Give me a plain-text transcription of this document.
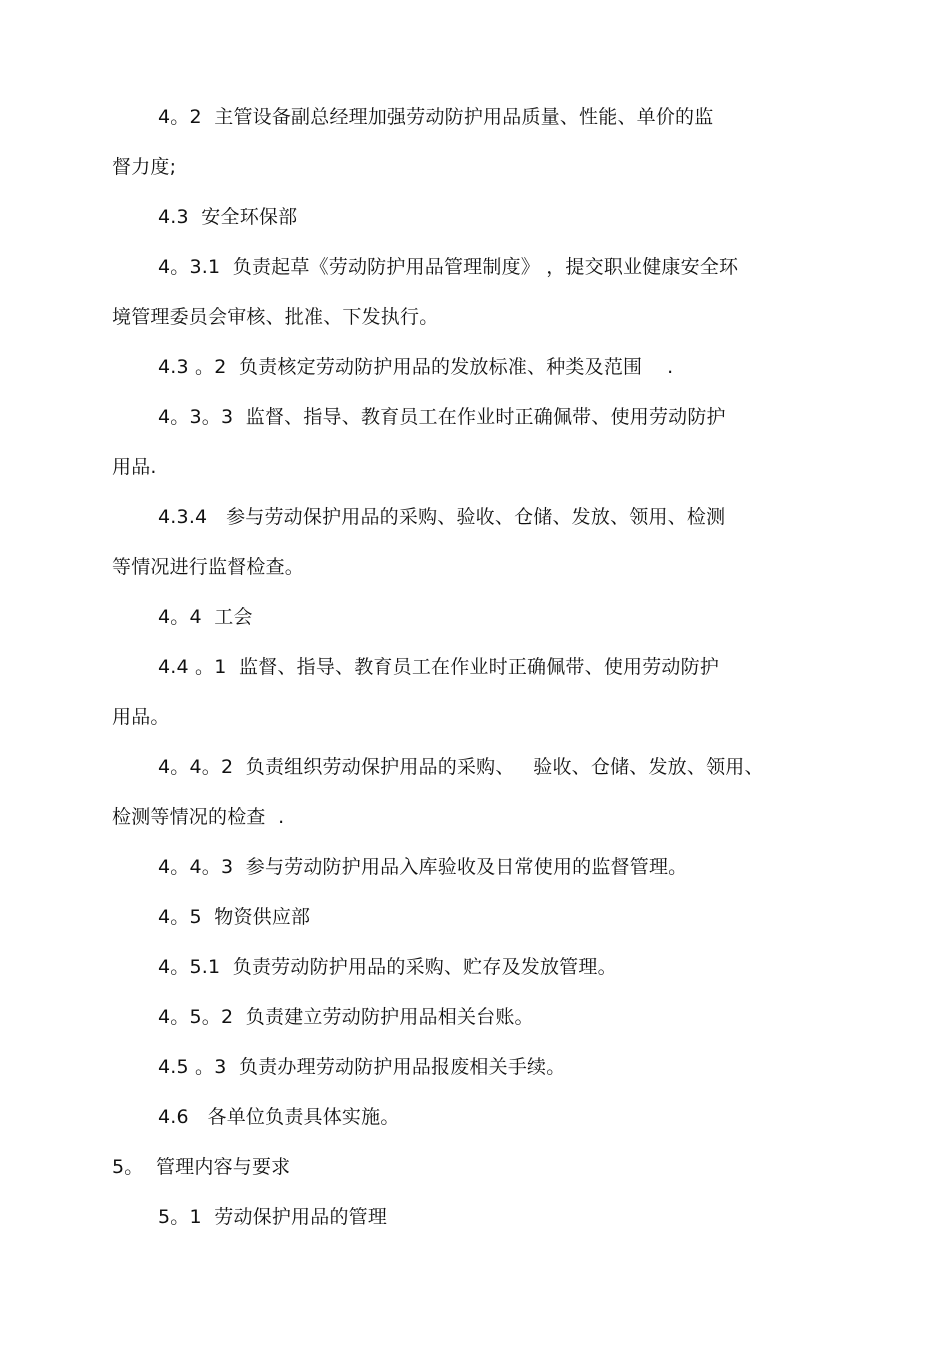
4。2  主管设备副总经理加强劳动防护用品质量、性能、单价的监
督力度;
4.3  安全环保部
4。3.1  负责起草《劳动防护用品管理制度》 ，提交职业健康安全环
境管理委员会审核、批准、下发执行。
4.3 。2  负责核定劳动防护用品的发放标准、种类及范围    .
4。3。3  监督、指导、教育员工在作业时正确佩带、使用劳动防护
用品.
4.3.4   参与劳动保护用品的采购、验收、仓储、发放、领用、检测
等情况进行监督检查。
4。4  工会
4.4 。1  监督、指导、教育员工在作业时正确佩带、使用劳动防护
用品。
4。4。2  负责组织劳动保护用品的采购、   验收、仓储、发放、领用、
检测等情况的检查  .
4。4。3  参与劳动防护用品入库验收及日常使用的监督管理。
4。5  物资供应部
4。5.1  负责劳动防护用品的采购、贮存及发放管理。
4。5。2  负责建立劳动防护用品相关台账。
4.5 。3  负责办理劳动防护用品报废相关手续。
4.6   各单位负责具体实施。
5。  管理内容与要求
5。1  劳动保护用品的管理
